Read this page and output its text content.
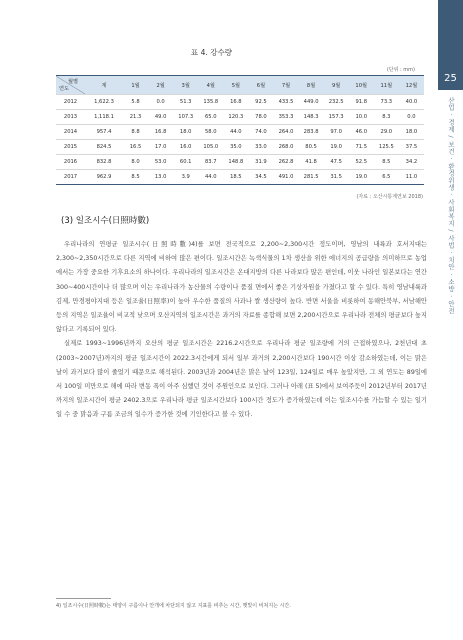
표 4. 강수량
(단위 : mm)
월별
연도	계	1월	2월	3월	4월	5월	6월	7월	8월	9월	10월	11월	12월
2012	1,622.3	5.8	0.0	51.3	135.8	16.8	92.5	433.5	449.0	232.5	91.8	73.3	40.0
2013	1,118.1	21.3	49.0	107.3	65.0	120.3	78.0	353.3	148.3	157.3	10.0	8.3	0.0
2014	957.4	8.8	16.8	18.0	58.0	44.0	74.0	264.0	283.8	97.0	46.0	29.0	18.0
2015	824.5	16.5	17.0	16.0	105.0	35.0	33.0	268.0	80.5	19.0	71.5	125.5	37.5
2016	832.8	8.0	53.0	60.1	83.7	148.8	31.9	262.8	41.8	47.5	52.5	8.5	34.2
2017	962.9	8.5	13.0	3.9	44.0	18.5	34.5	491.0	281.5	31.5	19.0	6.5	11.0
(자료 : 오산시통계연보 2018)
(3) 일조시수(日照時數)

우리나라의 연평균 일조시수(日照時數)4)를 보면 전국적으로 2,200~2,300시간 정도이며, 영남의 내륙과 호서지대는 2,300~2,350시간으로 다른 지역에 비하여 많은 편이다. 일조시간은 녹색식물의 1차 생산을 위한 에너지의 공급량을 의미하므로 농업에서는 가장 중요한 기후요소의 하나이다. 우리나라의 일조시간은 온대지방의 다른 나라보다 많은 편인데, 이웃 나라인 일본보다는 연간 300~400시간이나 더 많으며 이는 우리나라가 농산물의 수량이나 품질 면에서 좋은 기상자원을 가졌다고 할 수 있다. 특히 영남내륙과 김제, 만경평야지대 등은 일조율(日照率)이 높아 우수한 품질의 사과나 쌀 생산량이 높다. 반면 서울을 비롯하여 동해안북부, 서남해안 등의 지역은 일조율이 비교적 낮으며 오산지역의 일조시간은 과거의 자료를 종합해 보면 2,200시간으로 우리나라 전체의 평균보다 높지 않다고 기록되어 있다.

실제로 1993~1996년까지 오산의 평균 일조시간은 2216.2시간으로 우리나라 평균 일조량에 거의 근접하였으나, 2천년대 초(2003~2007년)까지의 평균 일조시간이 2022.3시간에게 되서 일부 과거의 2,200시간보다 190시간 이상 감소하였는데, 이는 맑은 날이 과거보다 많이 줄었기 때문으로 해석된다. 2003년과 2004년은 맑은 날이 123일, 124일로 매우 높았지만, 그 외 연도는 89일에서 100일 미만으로 해에 따라 변동 폭이 아주 심했던 것이 주원인으로 보인다. 그러나 아래 (표 5)에서 보여주듯이 2012년부터 2017년까지의 일조시간이 평균 2402.3으로 우리나라 평균 일조시간보다 100시간 정도가 증가하였는데 이는 일조시수를 가늠할 수 있는 일기일 수 중 맑음과 구름 조금의 일수가 증가한 것에 기인한다고 볼 수 있다.

4) 일조시수(日照時數)는 태양이 구름이나 안개에 차단되지 않고 지표를 비추는 시간, 햇빛이 비쳐지는 시간.
25
산업 · 경제 / 보건 · 환경위생 · 사회복지 / 사법 · 치안 · 소방 · 안전
